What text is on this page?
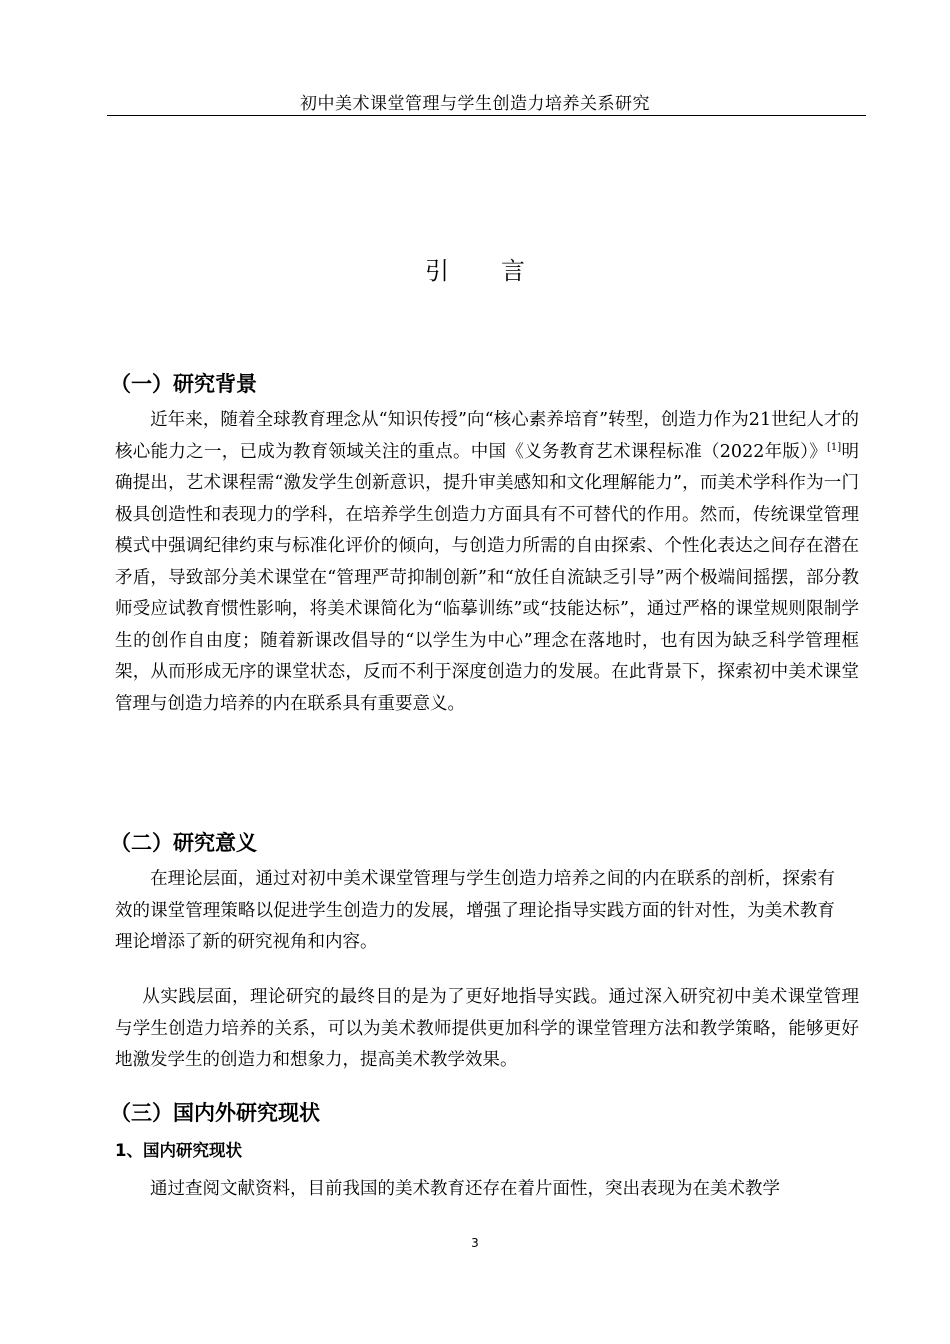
初中美术课堂管理与学生创造力培养关系研究
引言
（一）研究背景

近年来，随着全球教育理念从“知识传授”向“核心素养培育”转型，创造力作为21世纪人才的核心能力之一，已成为教育领域关注的重点。中国《义务教育艺术课程标准（2022年版）》[1]明确提出，艺术课程需“激发学生创新意识，提升审美感知和文化理解能力”，而美术学科作为一门极具创造性和表现力的学科，在培养学生创造力方面具有不可替代的作用。然而，传统课堂管理模式中强调纪律约束与标准化评价的倾向，与创造力所需的自由探索、个性化表达之间存在潜在矛盾，导致部分美术课堂在“管理严苛抑制创新”和“放任自流缺乏引导”两个极端间摇摆，部分教师受应试教育惯性影响，将美术课简化为“临摹训练”或“技能达标”，通过严格的课堂规则限制学生的创作自由度；随着新课改倡导的“以学生为中心”理念在落地时，也有因为缺乏科学管理框架，从而形成无序的课堂状态，反而不利于深度创造力的发展。在此背景下，探索初中美术课堂管理与创造力培养的内在联系具有重要意义。

（二）研究意义

在理论层面，通过对初中美术课堂管理与学生创造力培养之间的内在联系的剖析，探索有效的课堂管理策略以促进学生创造力的发展，增强了理论指导实践方面的针对性，为美术教育理论增添了新的研究视角和内容。

从实践层面，理论研究的最终目的是为了更好地指导实践。通过深入研究初中美术课堂管理与学生创造力培养的关系，可以为美术教师提供更加科学的课堂管理方法和教学策略，能够更好地激发学生的创造力和想象力，提高美术教学效果。

（三）国内外研究现状
1、国内研究现状

通过查阅文献资料，目前我国的美术教育还存在着片面性，突出表现为在美术教学

3
